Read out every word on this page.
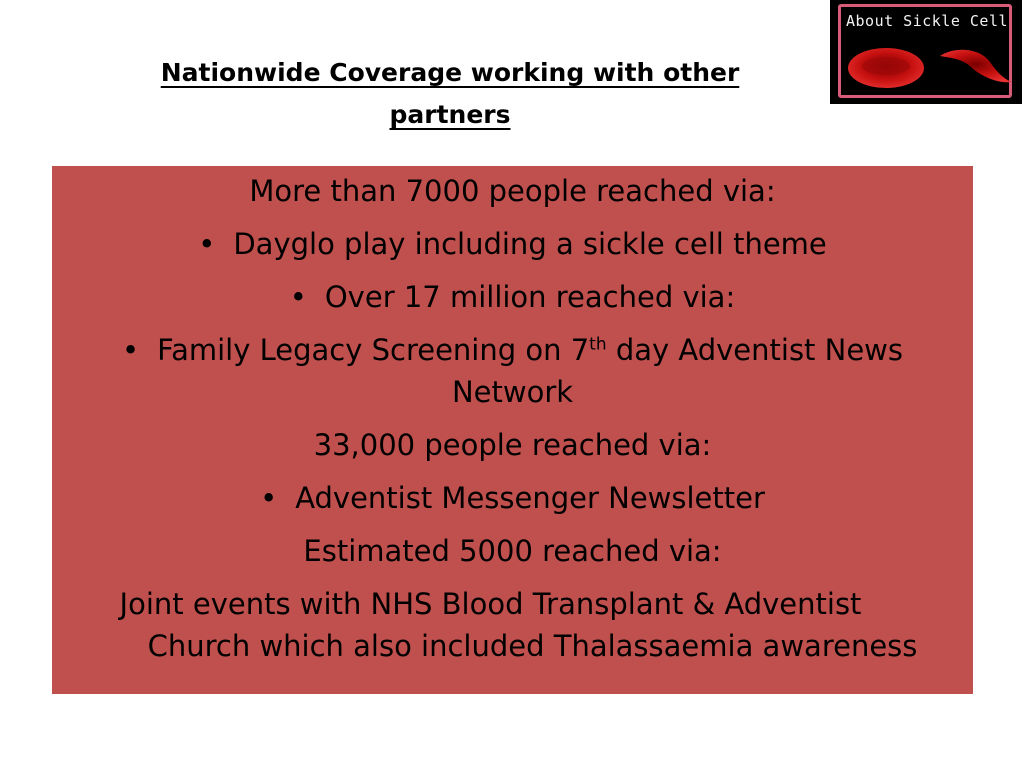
Nationwide Coverage working with other
partners
About Sickle Cell
More than 7000 people reached via:
• Dayglo play including a sickle cell theme
• Over 17 million reached via:
• Family Legacy Screening on 7th day Adventist News
Network
33,000 people reached via:
• Adventist Messenger Newsletter
Estimated 5000 reached via:
Joint events with NHS Blood Transplant & Adventist
Church which also included Thalassaemia awareness
